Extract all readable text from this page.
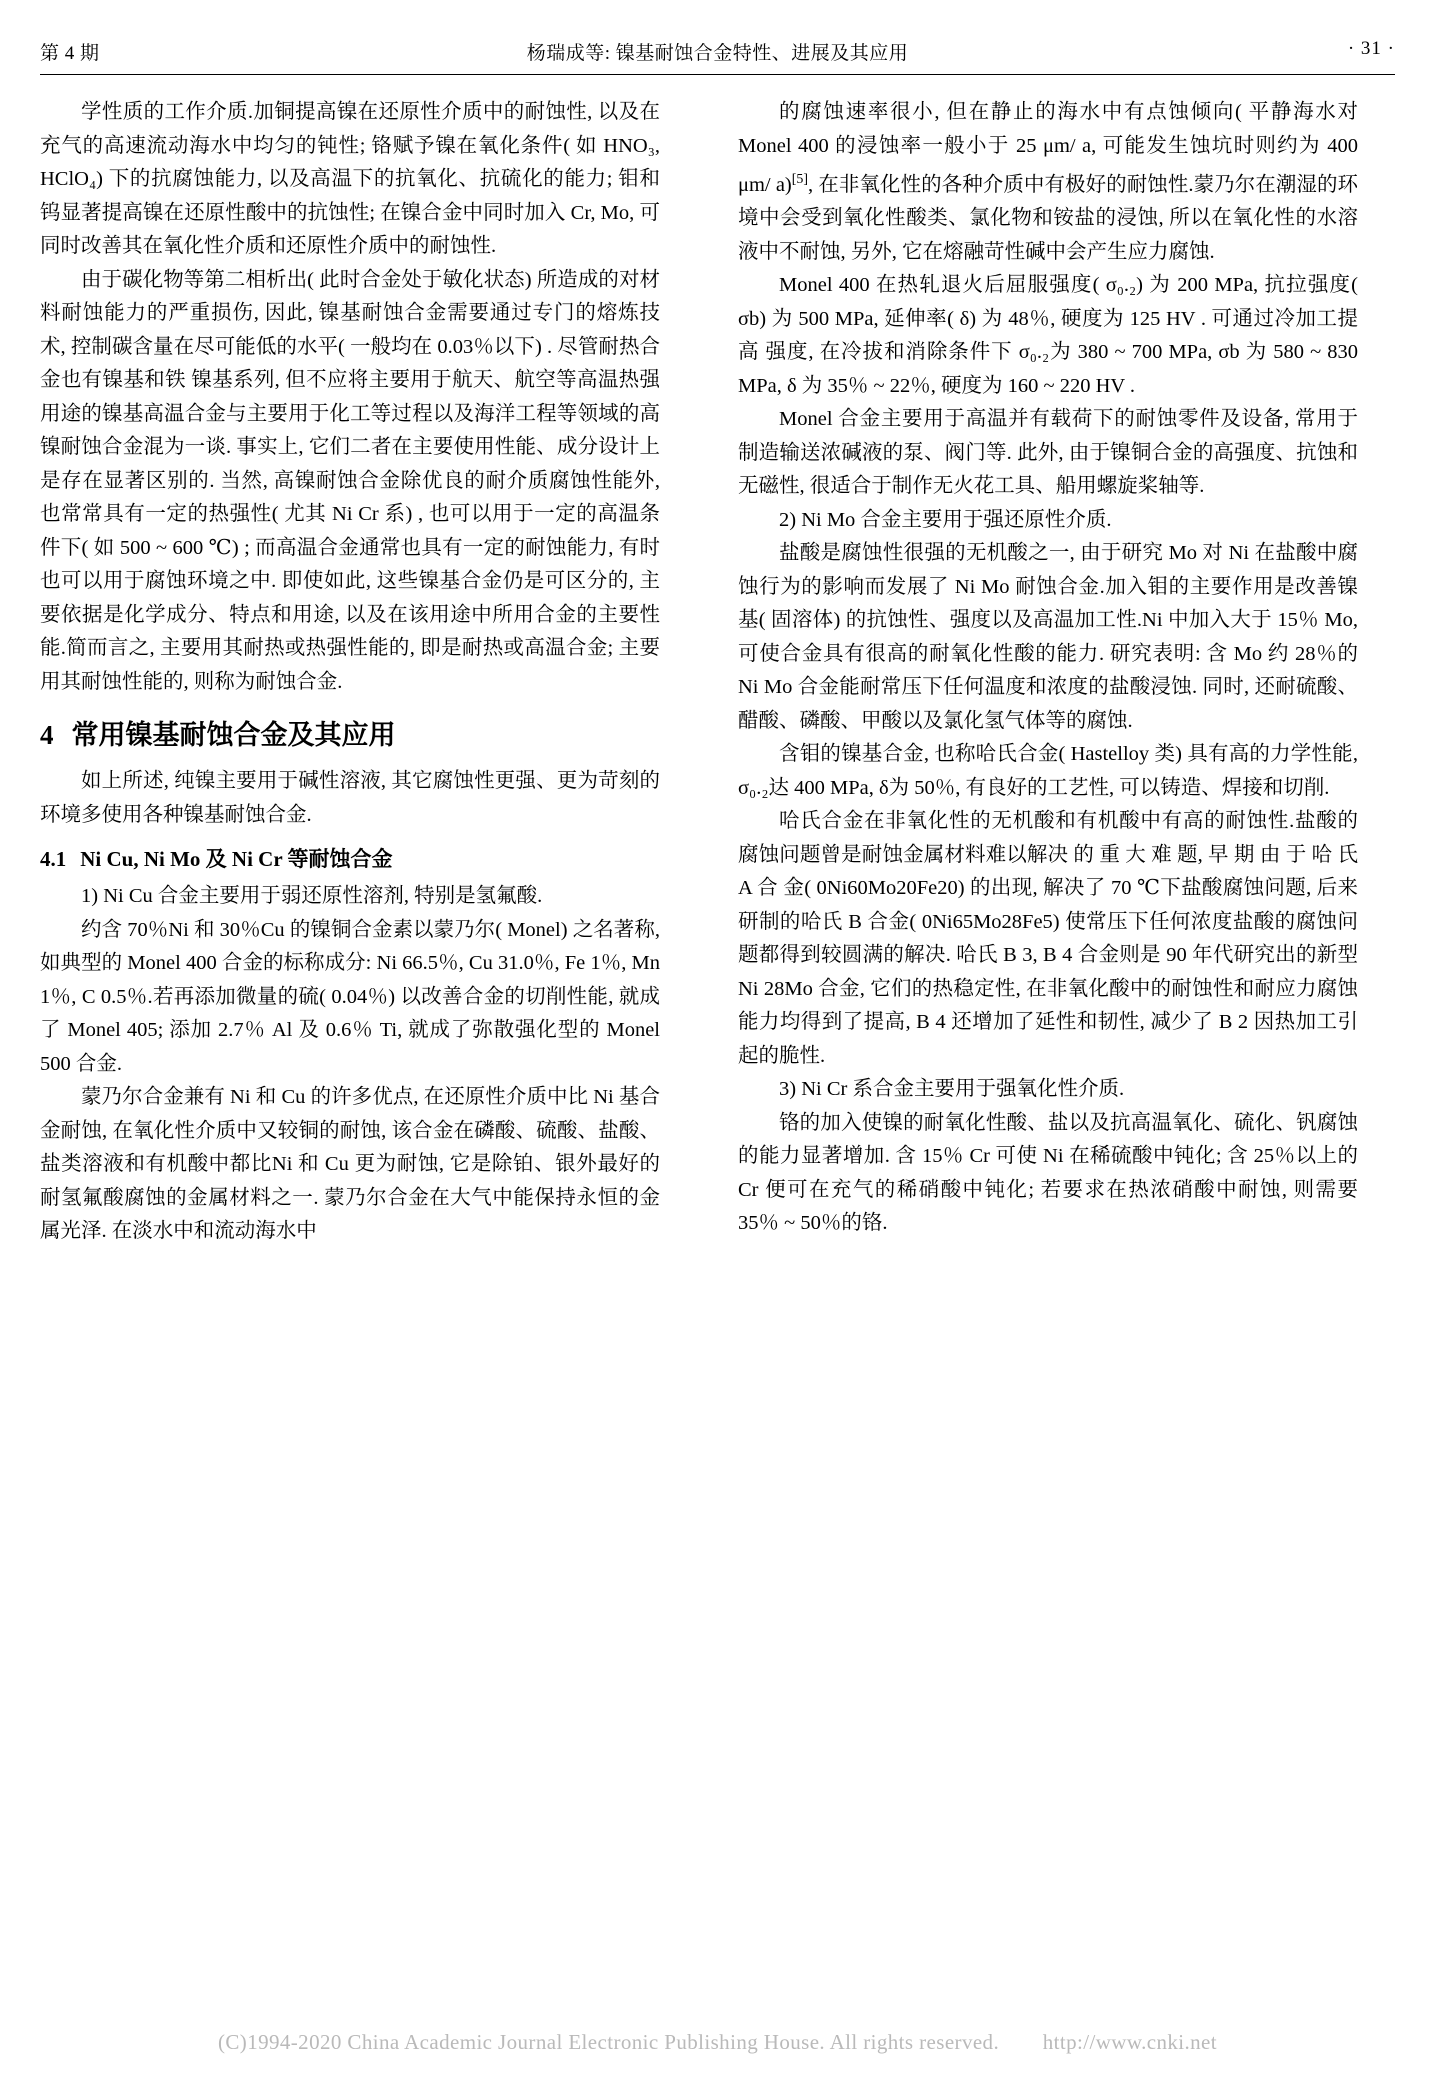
第 4 期	杨瑞成等: 镍基耐蚀合金特性、进展及其应用	· 31 ·

学性质的工作介质.加铜提高镍在还原性介质中的耐蚀性, 以及在充气的高速流动海水中均匀的钝性; 铬赋予镍在氧化条件( 如 HNO₃, HClO₄) 下的抗腐蚀能力, 以及高温下的抗氧化、抗硫化的能力; 钼和钨显著提高镍在还原性酸中的抗蚀性; 在镍合金中同时加入 Cr, Mo, 可同时改善其在氧化性介质和还原性介质中的耐蚀性.

由于碳化物等第二相析出( 此时合金处于敏化状态) 所造成的对材料耐蚀能力的严重损伤, 因此, 镍基耐蚀合金需要通过专门的熔炼技术, 控制碳含量在尽可能低的水平( 一般均在 0.03％以下) . 尽管耐热合金也有镍基和铁 镍基系列, 但不应将主要用于航天、航空等高温热强用途的镍基高温合金与主要用于化工等过程以及海洋工程等领域的高镍耐蚀合金混为一谈. 事实上, 它们二者在主要使用性能、成分设计上是存在显著区别的. 当然, 高镍耐蚀合金除优良的耐介质腐蚀性能外, 也常常具有一定的热强性( 尤其 Ni Cr 系) , 也可以用于一定的高温条件下( 如 500 ~ 600 ℃) ; 而高温合金通常也具有一定的耐蚀能力, 有时也可以用于腐蚀环境之中. 即使如此, 这些镍基合金仍是可区分的, 主要依据是化学成分、特点和用途, 以及在该用途中所用合金的主要性能.简而言之, 主要用其耐热或热强性能的, 即是耐热或高温合金; 主要用其耐蚀性能的, 则称为耐蚀合金.

4 常用镍基耐蚀合金及其应用

如上所述, 纯镍主要用于碱性溶液, 其它腐蚀性更强、更为苛刻的环境多使用各种镍基耐蚀合金.

4.1 Ni Cu, Ni Mo 及 Ni Cr 等耐蚀合金

1) Ni Cu 合金主要用于弱还原性溶剂, 特别是氢氟酸.

约含 70％Ni 和 30％Cu 的镍铜合金素以蒙乃尔( Monel) 之名著称, 如典型的 Monel 400 合金的标称成分: Ni 66.5％, Cu 31.0％, Fe 1％, Mn 1％, C 0.5％.若再添加微量的硫( 0.04％) 以改善合金的切削性能, 就成了 Monel 405; 添加 2.7％ Al 及 0.6％ Ti, 就成了弥散强化型的 Monel 500 合金.

蒙乃尔合金兼有 Ni 和 Cu 的许多优点, 在还原性介质中比 Ni 基合金耐蚀, 在氧化性介质中又较铜的耐蚀, 该合金在磷酸、硫酸、盐酸、盐类溶液和有机酸中都比Ni 和 Cu 更为耐蚀, 它是除铂、银外最好的耐氢氟酸腐蚀的金属材料之一. 蒙乃尔合金在大气中能保持永恒的金属光泽. 在淡水中和流动海水中

的腐蚀速率很小, 但在静止的海水中有点蚀倾向( 平静海水对 Monel 400 的浸蚀率一般小于 25 μm/ a, 可能发生蚀坑时则约为 400 μm/ a)[5], 在非氧化性的各种介质中有极好的耐蚀性.蒙乃尔在潮湿的环境中会受到氧化性酸类、氯化物和铵盐的浸蚀, 所以在氧化性的水溶液中不耐蚀, 另外, 它在熔融苛性碱中会产生应力腐蚀.

Monel 400 在热轧退火后屈服强度( σ₀.₂) 为 200 MPa, 抗拉强度( σb) 为 500 MPa, 延伸率( δ) 为 48％, 硬度为 125 HV . 可通过冷加工提高 强度, 在冷拔和消除条件下 σ₀.₂为 380 ~ 700 MPa, σb 为 580 ~ 830 MPa, δ 为 35％ ~ 22％, 硬度为 160 ~ 220 HV .

Monel 合金主要用于高温并有载荷下的耐蚀零件及设备, 常用于制造输送浓碱液的泵、阀门等. 此外, 由于镍铜合金的高强度、抗蚀和无磁性, 很适合于制作无火花工具、船用螺旋桨轴等.

2) Ni Mo 合金主要用于强还原性介质.

盐酸是腐蚀性很强的无机酸之一, 由于研究 Mo 对 Ni 在盐酸中腐蚀行为的影响而发展了 Ni Mo 耐蚀合金.加入钼的主要作用是改善镍基( 固溶体) 的抗蚀性、强度以及高温加工性.Ni 中加入大于 15％ Mo, 可使合金具有很高的耐氧化性酸的能力. 研究表明: 含 Mo 约 28％的 Ni Mo 合金能耐常压下任何温度和浓度的盐酸浸蚀. 同时, 还耐硫酸、醋酸、磷酸、甲酸以及氯化氢气体等的腐蚀.

含钼的镍基合金, 也称哈氏合金( Hastelloy 类) 具有高的力学性能, σ₀.₂达 400 MPa, δ为 50％, 有良好的工艺性, 可以铸造、焊接和切削.

哈氏合金在非氧化性的无机酸和有机酸中有高的耐蚀性.盐酸的腐蚀问题曾是耐蚀金属材料难以解决 的 重 大 难 题, 早 期 由 于 哈 氏 A 合 金( 0Ni60Mo20Fe20) 的出现, 解决了 70 ℃下盐酸腐蚀问题, 后来研制的哈氏 B 合金( 0Ni65Mo28Fe5) 使常压下任何浓度盐酸的腐蚀问题都得到较圆满的解决. 哈氏 B 3, B 4 合金则是 90 年代研究出的新型 Ni 28Mo 合金, 它们的热稳定性, 在非氧化酸中的耐蚀性和耐应力腐蚀能力均得到了提高, B 4 还增加了延性和韧性, 减少了 B 2 因热加工引起的脆性.

3) Ni Cr 系合金主要用于强氧化性介质.

铬的加入使镍的耐氧化性酸、盐以及抗高温氧化、硫化、钒腐蚀的能力显著增加. 含 15％ Cr 可使 Ni 在稀硫酸中钝化; 含 25％以上的 Cr 便可在充气的稀硝酸中钝化; 若要求在热浓硝酸中耐蚀, 则需要 35％ ~ 50％的铬.

(C)1994-2020 China Academic Journal Electronic Publishing House. All rights reserved. http://www.cnki.net
